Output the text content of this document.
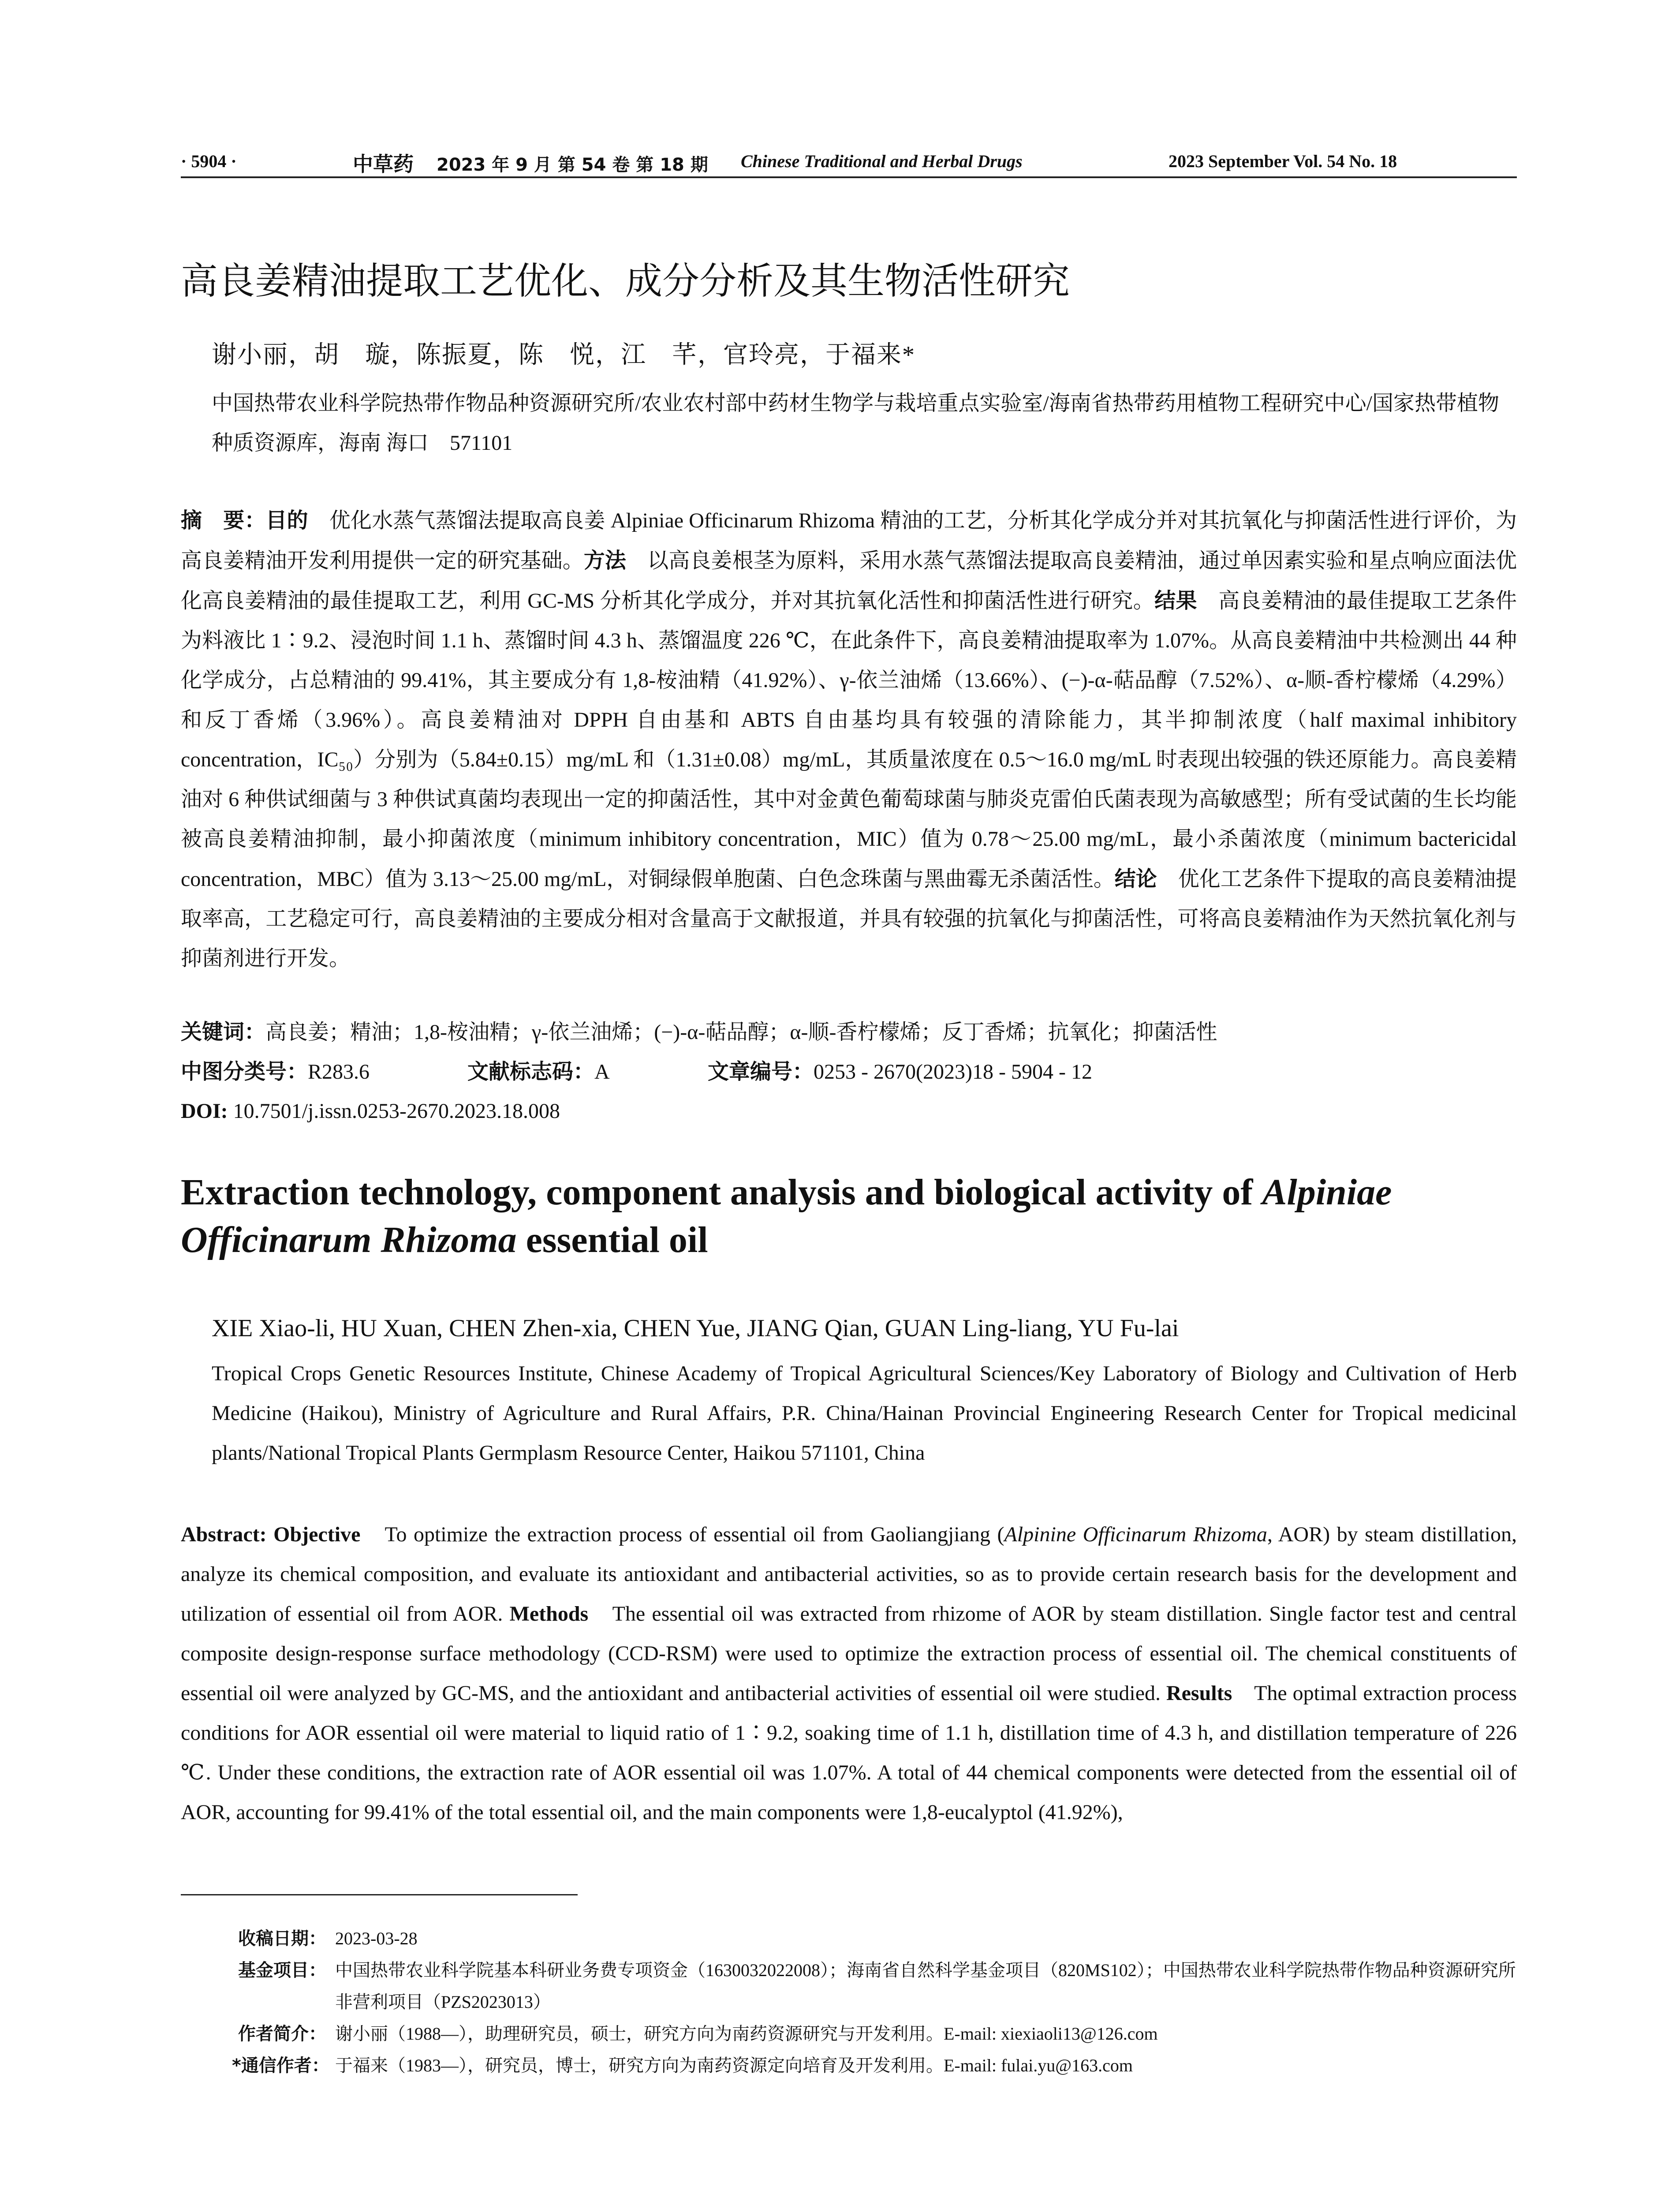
· 5904 ·	中草药 2023 年 9 月 第 54 卷 第 18 期 Chinese Traditional and Herbal Drugs	2023 September Vol. 54 No. 18
高良姜精油提取工艺优化、成分分析及其生物活性研究
谢小丽，胡　璇，陈振夏，陈　悦，江　芊，官玲亮，于福来*
中国热带农业科学院热带作物品种资源研究所/农业农村部中药材生物学与栽培重点实验室/海南省热带药用植物工程研究中心/国家热带植物种质资源库，海南 海口　571101
摘　要：目的　优化水蒸气蒸馏法提取高良姜 Alpiniae Officinarum Rhizoma 精油的工艺，分析其化学成分并对其抗氧化与抑菌活性进行评价，为高良姜精油开发利用提供一定的研究基础。方法　以高良姜根茎为原料，采用水蒸气蒸馏法提取高良姜精油，通过单因素实验和星点响应面法优化高良姜精油的最佳提取工艺，利用 GC-MS 分析其化学成分，并对其抗氧化活性和抑菌活性进行研究。结果　高良姜精油的最佳提取工艺条件为料液比 1∶9.2、浸泡时间 1.1 h、蒸馏时间 4.3 h、蒸馏温度 226 ℃，在此条件下，高良姜精油提取率为 1.07%。从高良姜精油中共检测出 44 种化学成分，占总精油的 99.41%，其主要成分有 1,8-桉油精（41.92%）、γ-依兰油烯（13.66%）、(−)-α-萜品醇（7.52%）、α-顺-香柠檬烯（4.29%）和反丁香烯（3.96%）。高良姜精油对 DPPH 自由基和 ABTS 自由基均具有较强的清除能力，其半抑制浓度（half maximal inhibitory concentration，IC₅₀）分别为（5.84±0.15）mg/mL 和（1.31±0.08）mg/mL，其质量浓度在 0.5～16.0 mg/mL 时表现出较强的铁还原能力。高良姜精油对 6 种供试细菌与 3 种供试真菌均表现出一定的抑菌活性，其中对金黄色葡萄球菌与肺炎克雷伯氏菌表现为高敏感型；所有受试菌的生长均能被高良姜精油抑制，最小抑菌浓度（minimum inhibitory concentration，MIC）值为 0.78～25.00 mg/mL，最小杀菌浓度（minimum bactericidal concentration，MBC）值为 3.13～25.00 mg/mL，对铜绿假单胞菌、白色念珠菌与黑曲霉无杀菌活性。结论　优化工艺条件下提取的高良姜精油提取率高，工艺稳定可行，高良姜精油的主要成分相对含量高于文献报道，并具有较强的抗氧化与抑菌活性，可将高良姜精油作为天然抗氧化剂与抑菌剂进行开发。
关键词：高良姜；精油；1,8-桉油精；γ-依兰油烯；(−)-α-萜品醇；α-顺-香柠檬烯；反丁香烯；抗氧化；抑菌活性
中图分类号：R283.6	文献标志码：A	文章编号：0253 - 2670(2023)18 - 5904 - 12
DOI: 10.7501/j.issn.0253-2670.2023.18.008
Extraction technology, component analysis and biological activity of Alpiniae Officinarum Rhizoma essential oil
XIE Xiao-li, HU Xuan, CHEN Zhen-xia, CHEN Yue, JIANG Qian, GUAN Ling-liang, YU Fu-lai
Tropical Crops Genetic Resources Institute, Chinese Academy of Tropical Agricultural Sciences/Key Laboratory of Biology and Cultivation of Herb Medicine (Haikou), Ministry of Agriculture and Rural Affairs, P.R. China/Hainan Provincial Engineering Research Center for Tropical medicinal plants/National Tropical Plants Germplasm Resource Center, Haikou 571101, China
Abstract: Objective　To optimize the extraction process of essential oil from Gaoliangjiang (Alpinine Officinarum Rhizoma, AOR) by steam distillation, analyze its chemical composition, and evaluate its antioxidant and antibacterial activities, so as to provide certain research basis for the development and utilization of essential oil from AOR. Methods　The essential oil was extracted from rhizome of AOR by steam distillation. Single factor test and central composite design-response surface methodology (CCD-RSM) were used to optimize the extraction process of essential oil. The chemical constituents of essential oil were analyzed by GC-MS, and the antioxidant and antibacterial activities of essential oil were studied. Results　The optimal extraction process conditions for AOR essential oil were material to liquid ratio of 1∶9.2, soaking time of 1.1 h, distillation time of 4.3 h, and distillation temperature of 226 ℃. Under these conditions, the extraction rate of AOR essential oil was 1.07%. A total of 44 chemical components were detected from the essential oil of AOR, accounting for 99.41% of the total essential oil, and the main components were 1,8-eucalyptol (41.92%),
收稿日期： 2023-03-28
基金项目： 中国热带农业科学院基本科研业务费专项资金（1630032022008）；海南省自然科学基金项目（820MS102）；中国热带农业科学院热带作物品种资源研究所非营利项目（PZS2023013）
作者简介： 谢小丽（1988—），助理研究员，硕士，研究方向为南药资源研究与开发利用。E-mail: xiexiaoli13@126.com
*通信作者： 于福来（1983—），研究员，博士，研究方向为南药资源定向培育及开发利用。E-mail: fulai.yu@163.com
